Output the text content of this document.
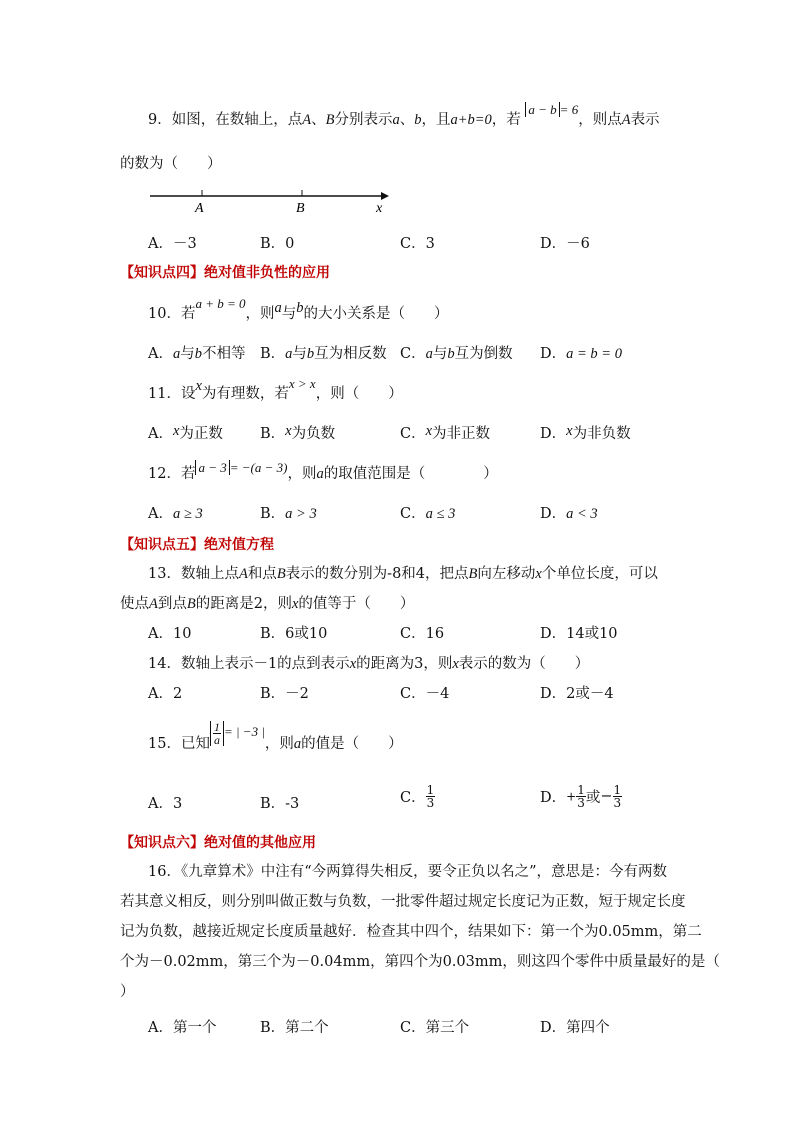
9．如图，在数轴上，点A、B分别表示a、b，且a+b=0，若 a − b = 6，则点A表示
的数为（　　）
A	B	x
A．－3	B．0	C．3	D．－6
【知识点四】绝对值非负性的应用
10．若a + b = 0，则a与b的大小关系是（　　）
A．a与b不相等 B．a与b互为相反数 C．a与b互为倒数 D．a = b = 0
11．设x为有理数，若x > x，则（　　）
A．x为正数	B．x为负数	C．x为非正数	D．x为非负数
12．若 a − 3 = −(a − 3)，则a的取值范围是（　　　　）
A．a ≥ 3	B．a > 3	C．a ≤ 3	D．a < 3
【知识点五】绝对值方程
13．数轴上点A和点B表示的数分别为-8和4，把点B向左移动x个单位长度，可以
使点A到点B的距离是2，则x的值等于（　　）
A．10	B．6或10	C．16	D．14或10
14．数轴上表示－1的点到表示x的距离为3，则x表示的数为（　　）
A．2	B．－2	C．－4	D．2或－4
15．已知 $\frac{1}{a}$ = | −3 |，则a的值是（　　）
A．3	B．-3	C． $\frac{1}{3}$	D．+ $\frac{1}{3}$ 或− $\frac{1}{3}$
【知识点六】绝对值的其他应用
16．《九章算术》中注有“今两算得失相反，要令正负以名之”，意思是：今有两数
若其意义相反，则分别叫做正数与负数，一批零件超过规定长度记为正数，短于规定长度
记为负数，越接近规定长度质量越好．检查其中四个，结果如下：第一个为0.05mm，第二
个为－0.02mm，第三个为－0.04mm，第四个为0.03mm，则这四个零件中质量最好的是（
）
A．第一个	B．第二个	C．第三个	D．第四个
